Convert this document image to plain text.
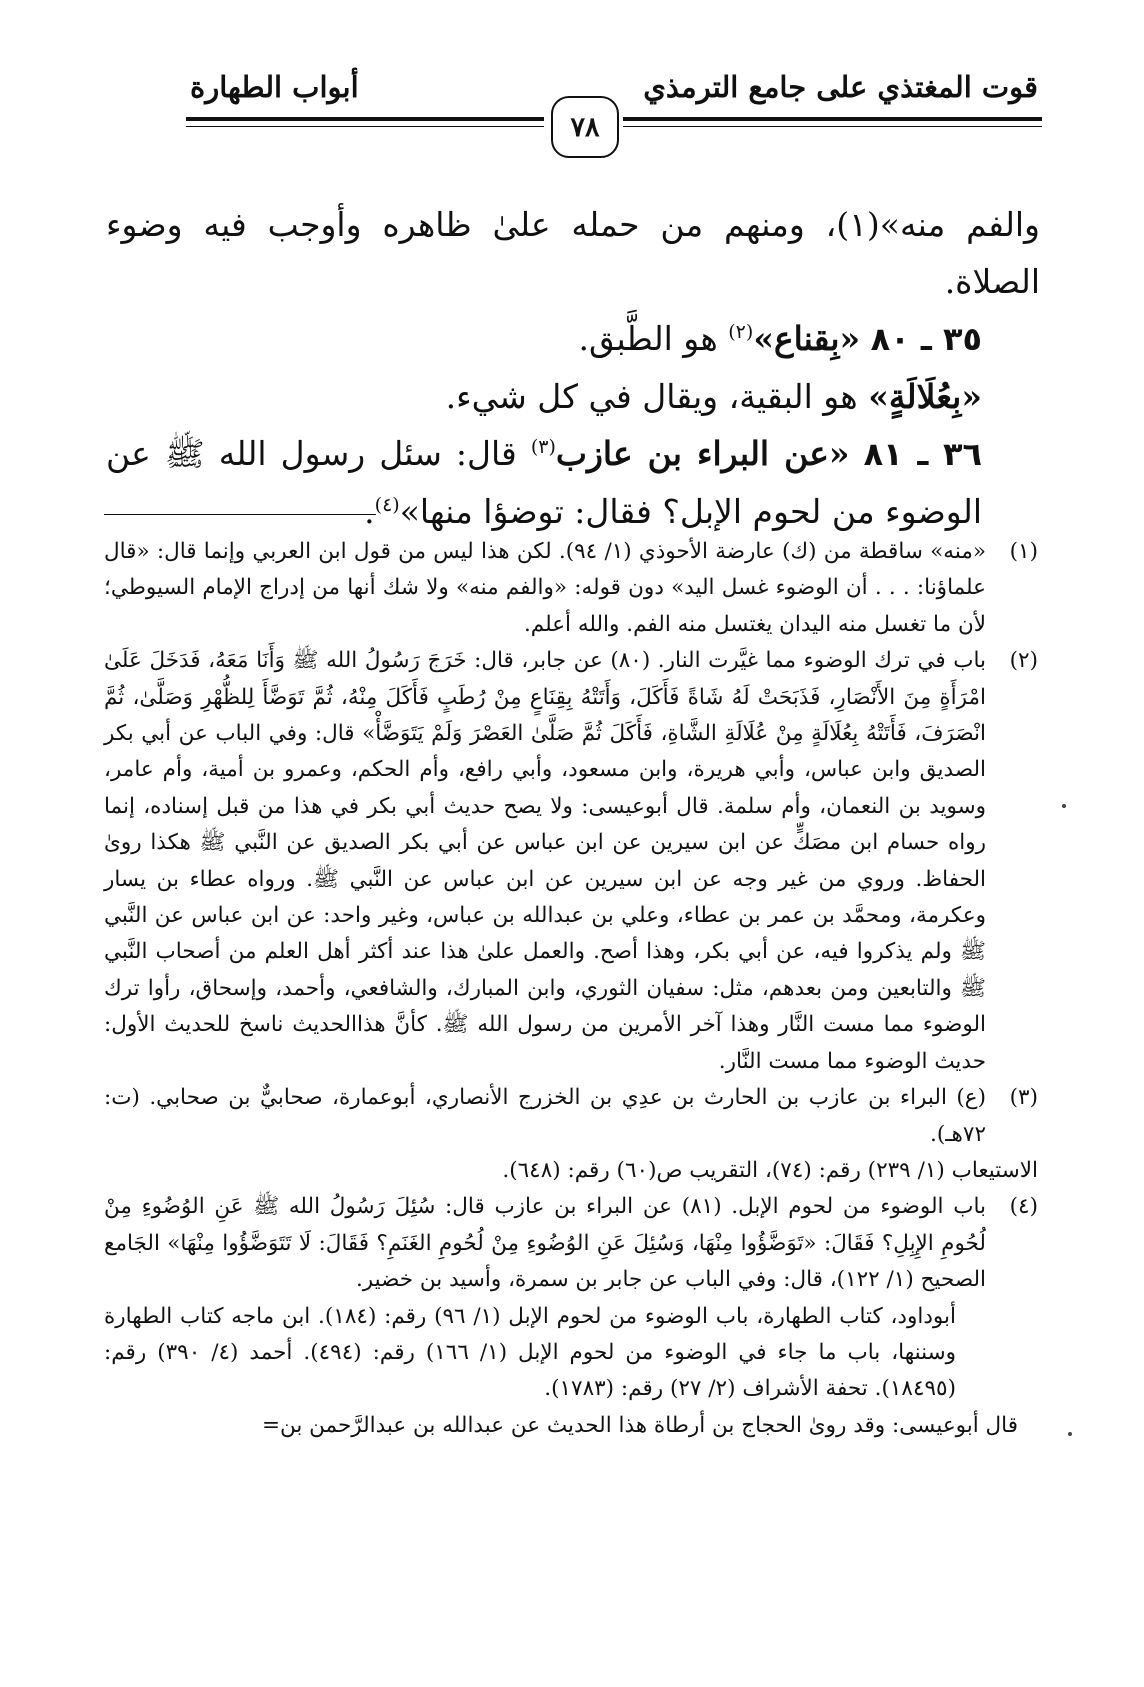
قوت المغتذي على جامع الترمذي
أبواب الطهارة
٧٨

والفم منه»(١)، ومنهم من حمله علىٰ ظاهره وأوجب فيه وضوء الصلاة.

٣٥ ـ ٨٠ «بِقناع»$^{(٢)}$ هو الطَّبق.

«بِعُلَالَةٍ» هو البقية، ويقال في كل شيء.

٣٦ ـ ٨١ «عن البراء بن عازب$^{(٣)}$ قال: سئل رسول الله ﷺ عن الوضوء من لحوم الإبل؟ فقال: توضؤا منها»$^{(٤)}$.

(١)

«منه» ساقطة من (ك) عارضة الأحوذي (١/ ٩٤). لكن هذا ليس من قول ابن العربي وإنما قال: «قال علماؤنا: . . . أن الوضوء غسل اليد» دون قوله: «والفم منه» ولا شك أنها من إدراج الإمام السيوطي؛ لأن ما تغسل منه اليدان يغتسل منه الفم. والله أعلم.

(٢)

باب في ترك الوضوء مما غيَّرت النار. (٨٠) عن جابر، قال: خَرَجَ رَسُولُ الله ﷺ وَأَنَا مَعَهُ، فَدَخَلَ عَلَىٰ امْرَأَةٍ مِنَ الأَنْصَارِ، فَذَبَحَتْ لَهُ شَاةً فَأَكَلَ، وَأَتَتْهُ بِقِنَاعٍ مِنْ رُطَبٍ فَأَكَلَ مِنْهُ، ثُمَّ تَوَضَّأَ لِلظُّهْرِ وَصَلَّىٰ، ثُمَّ انْصَرَفَ، فَأَتَتْهُ بِعُلَالَةٍ مِنْ عُلَالَةِ الشَّاةِ، فَأَكَلَ ثُمَّ صَلَّىٰ العَصْرَ وَلَمْ يَتَوَضَّأْ» قال: وفي الباب عن أبي بكر الصديق وابن عباس، وأبي هريرة، وابن مسعود، وأبي رافع، وأم الحكم، وعمرو بن أمية، وأم عامر، وسويد بن النعمان، وأم سلمة. قال أبوعيسى: ولا يصح حديث أبي بكر في هذا من قبل إسناده، إنما رواه حسام ابن مصَكٍّ عن ابن سيرين عن ابن عباس عن أبي بكر الصديق عن النَّبي ﷺ هكذا روىٰ الحفاظ. وروي من غير وجه عن ابن سيرين عن ابن عباس عن النَّبي ﷺ. ورواه عطاء بن يسار وعكرمة، ومحمَّد بن عمر بن عطاء، وعلي بن عبدالله بن عباس، وغير واحد: عن ابن عباس عن النَّبي ﷺ ولم يذكروا فيه، عن أبي بكر، وهذا أصح. والعمل علىٰ هذا عند أكثر أهل العلم من أصحاب النَّبي ﷺ والتابعين ومن بعدهم، مثل: سفيان الثوري، وابن المبارك، والشافعي، وأحمد، وإسحاق، رأوا ترك الوضوء مما مست النَّار وهذا آخر الأمرين من رسول الله ﷺ. كأنَّ هذاالحديث ناسخ للحديث الأول: حديث الوضوء مما مست النَّار.

(٣)

(ع) البراء بن عازب بن الحارث بن عدِي بن الخزرج الأنصاري، أبوعمارة، صحابيٌّ بن صحابي. (ت: ٧٢هـ).

الاستيعاب (١/ ٢٣٩) رقم: (٧٤)، التقريب ص(٦٠) رقم: (٦٤٨).

(٤)

باب الوضوء من لحوم الإبل. (٨١) عن البراء بن عازب قال: سُئِلَ رَسُولُ الله ﷺ عَنِ الوُضُوءِ مِنْ لُحُومِ الإِبِلِ؟ فَقَالَ: «تَوَضَّؤُوا مِنْهَا، وَسُئِلَ عَنِ الوُضُوءِ مِنْ لُحُومِ الغَنَمِ؟ فَقَالَ: لَا تَتَوَضَّؤُوا مِنْهَا» الجَامع الصحيح (١/ ١٢٢)، قال: وفي الباب عن جابر بن سمرة، وأسيد بن خضير.

أبوداود، كتاب الطهارة، باب الوضوء من لحوم الإبل (١/ ٩٦) رقم: (١٨٤). ابن ماجه كتاب الطهارة وسننها، باب ما جاء في الوضوء من لحوم الإبل (١/ ١٦٦) رقم: (٤٩٤). أحمد (٤/ ٣٩٠) رقم: (١٨٤٩٥). تحفة الأشراف (٢/ ٢٧) رقم: (١٧٨٣).

قال أبوعيسى: وقد روىٰ الحجاج بن أرطاة هذا الحديث عن عبدالله بن عبدالرَّحمن بن=
